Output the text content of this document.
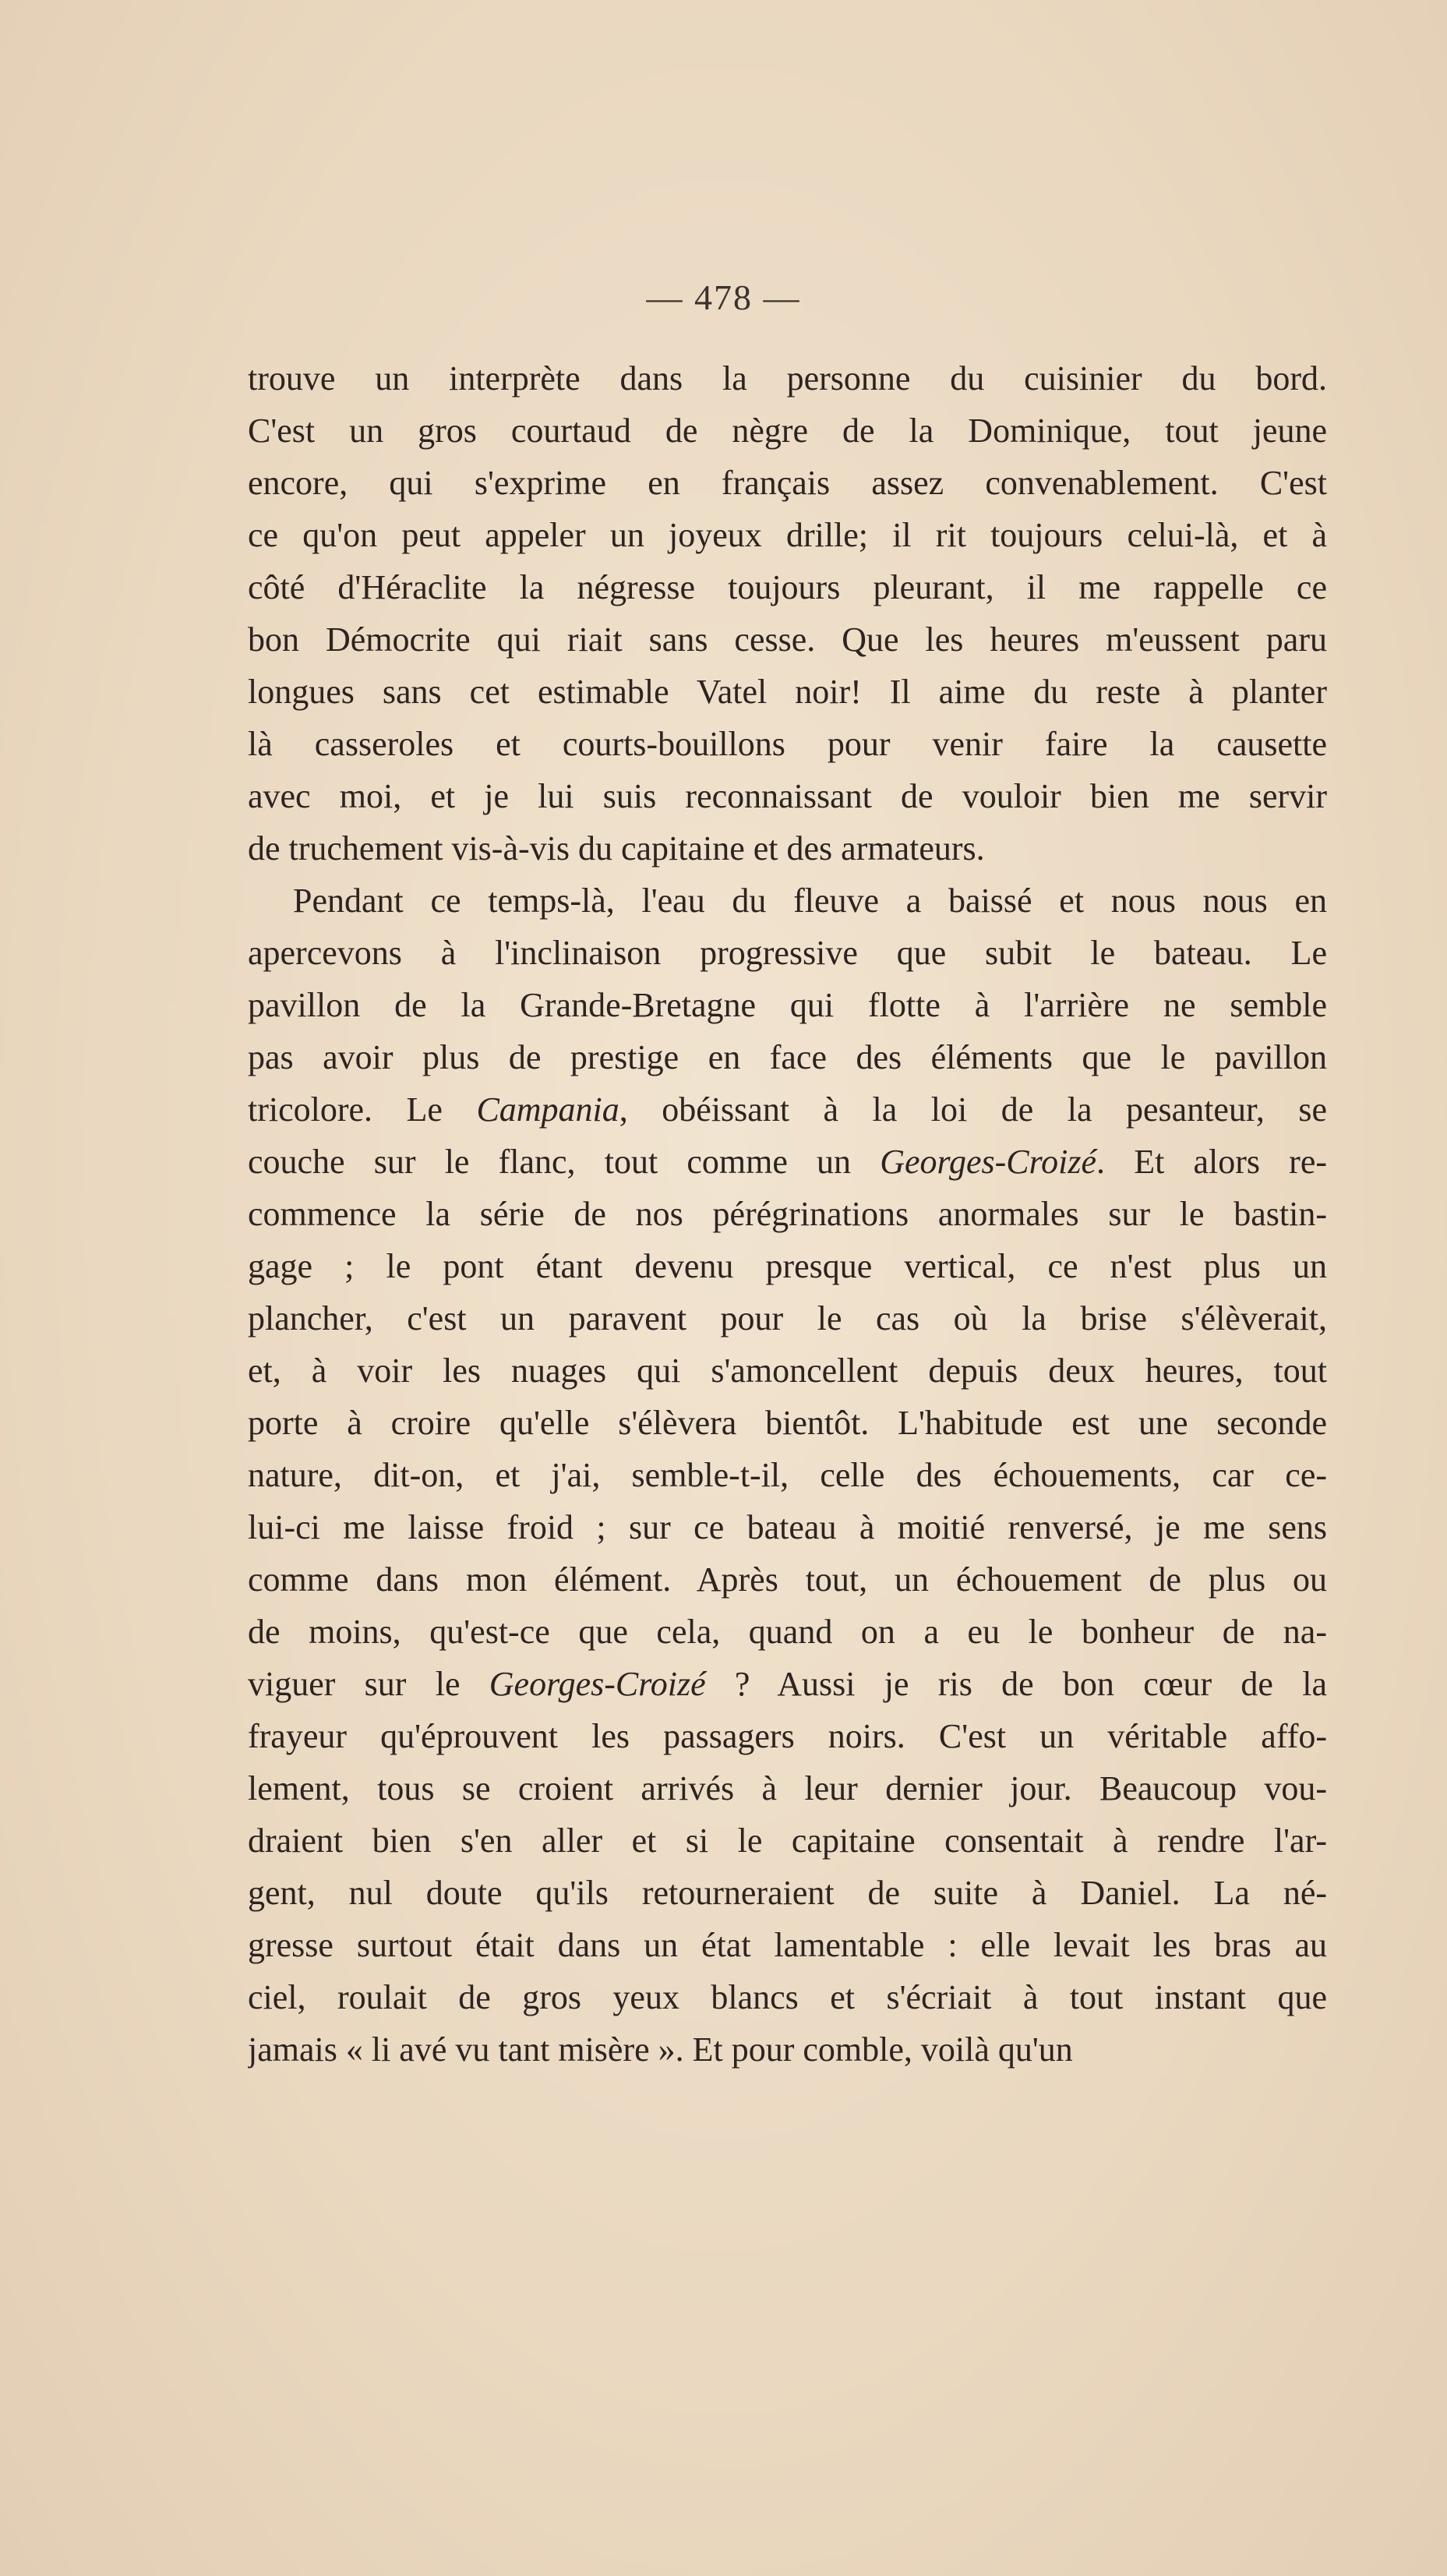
— 478 —
trouve un interprète dans la personne du cuisinier du bord.
C'est un gros courtaud de nègre de la Dominique, tout jeune
encore, qui s'exprime en français assez convenablement. C'est
ce qu'on peut appeler un joyeux drille; il rit toujours celui-là, et à
côté d'Héraclite la négresse toujours pleurant, il me rappelle ce
bon Démocrite qui riait sans cesse. Que les heures m'eussent paru
longues sans cet estimable Vatel noir! Il aime du reste à planter
là casseroles et courts-bouillons pour venir faire la causette
avec moi, et je lui suis reconnaissant de vouloir bien me servir
de truchement vis-à-vis du capitaine et des armateurs.
Pendant ce temps-là, l'eau du fleuve a baissé et nous nous en
apercevons à l'inclinaison progressive que subit le bateau. Le
pavillon de la Grande-Bretagne qui flotte à l'arrière ne semble
pas avoir plus de prestige en face des éléments que le pavillon
tricolore. Le Campania, obéissant à la loi de la pesanteur, se
couche sur le flanc, tout comme un Georges-Croizé. Et alors re-
commence la série de nos pérégrinations anormales sur le bastin-
gage ; le pont étant devenu presque vertical, ce n'est plus un
plancher, c'est un paravent pour le cas où la brise s'élèverait,
et, à voir les nuages qui s'amoncellent depuis deux heures, tout
porte à croire qu'elle s'élèvera bientôt. L'habitude est une seconde
nature, dit-on, et j'ai, semble-t-il, celle des échouements, car ce-
lui-ci me laisse froid ; sur ce bateau à moitié renversé, je me sens
comme dans mon élément. Après tout, un échouement de plus ou
de moins, qu'est-ce que cela, quand on a eu le bonheur de na-
viguer sur le Georges-Croizé ? Aussi je ris de bon cœur de la
frayeur qu'éprouvent les passagers noirs. C'est un véritable affo-
lement, tous se croient arrivés à leur dernier jour. Beaucoup vou-
draient bien s'en aller et si le capitaine consentait à rendre l'ar-
gent, nul doute qu'ils retourneraient de suite à Daniel. La né-
gresse surtout était dans un état lamentable : elle levait les bras au
ciel, roulait de gros yeux blancs et s'écriait à tout instant que
jamais « li avé vu tant misère ». Et pour comble, voilà qu'un
